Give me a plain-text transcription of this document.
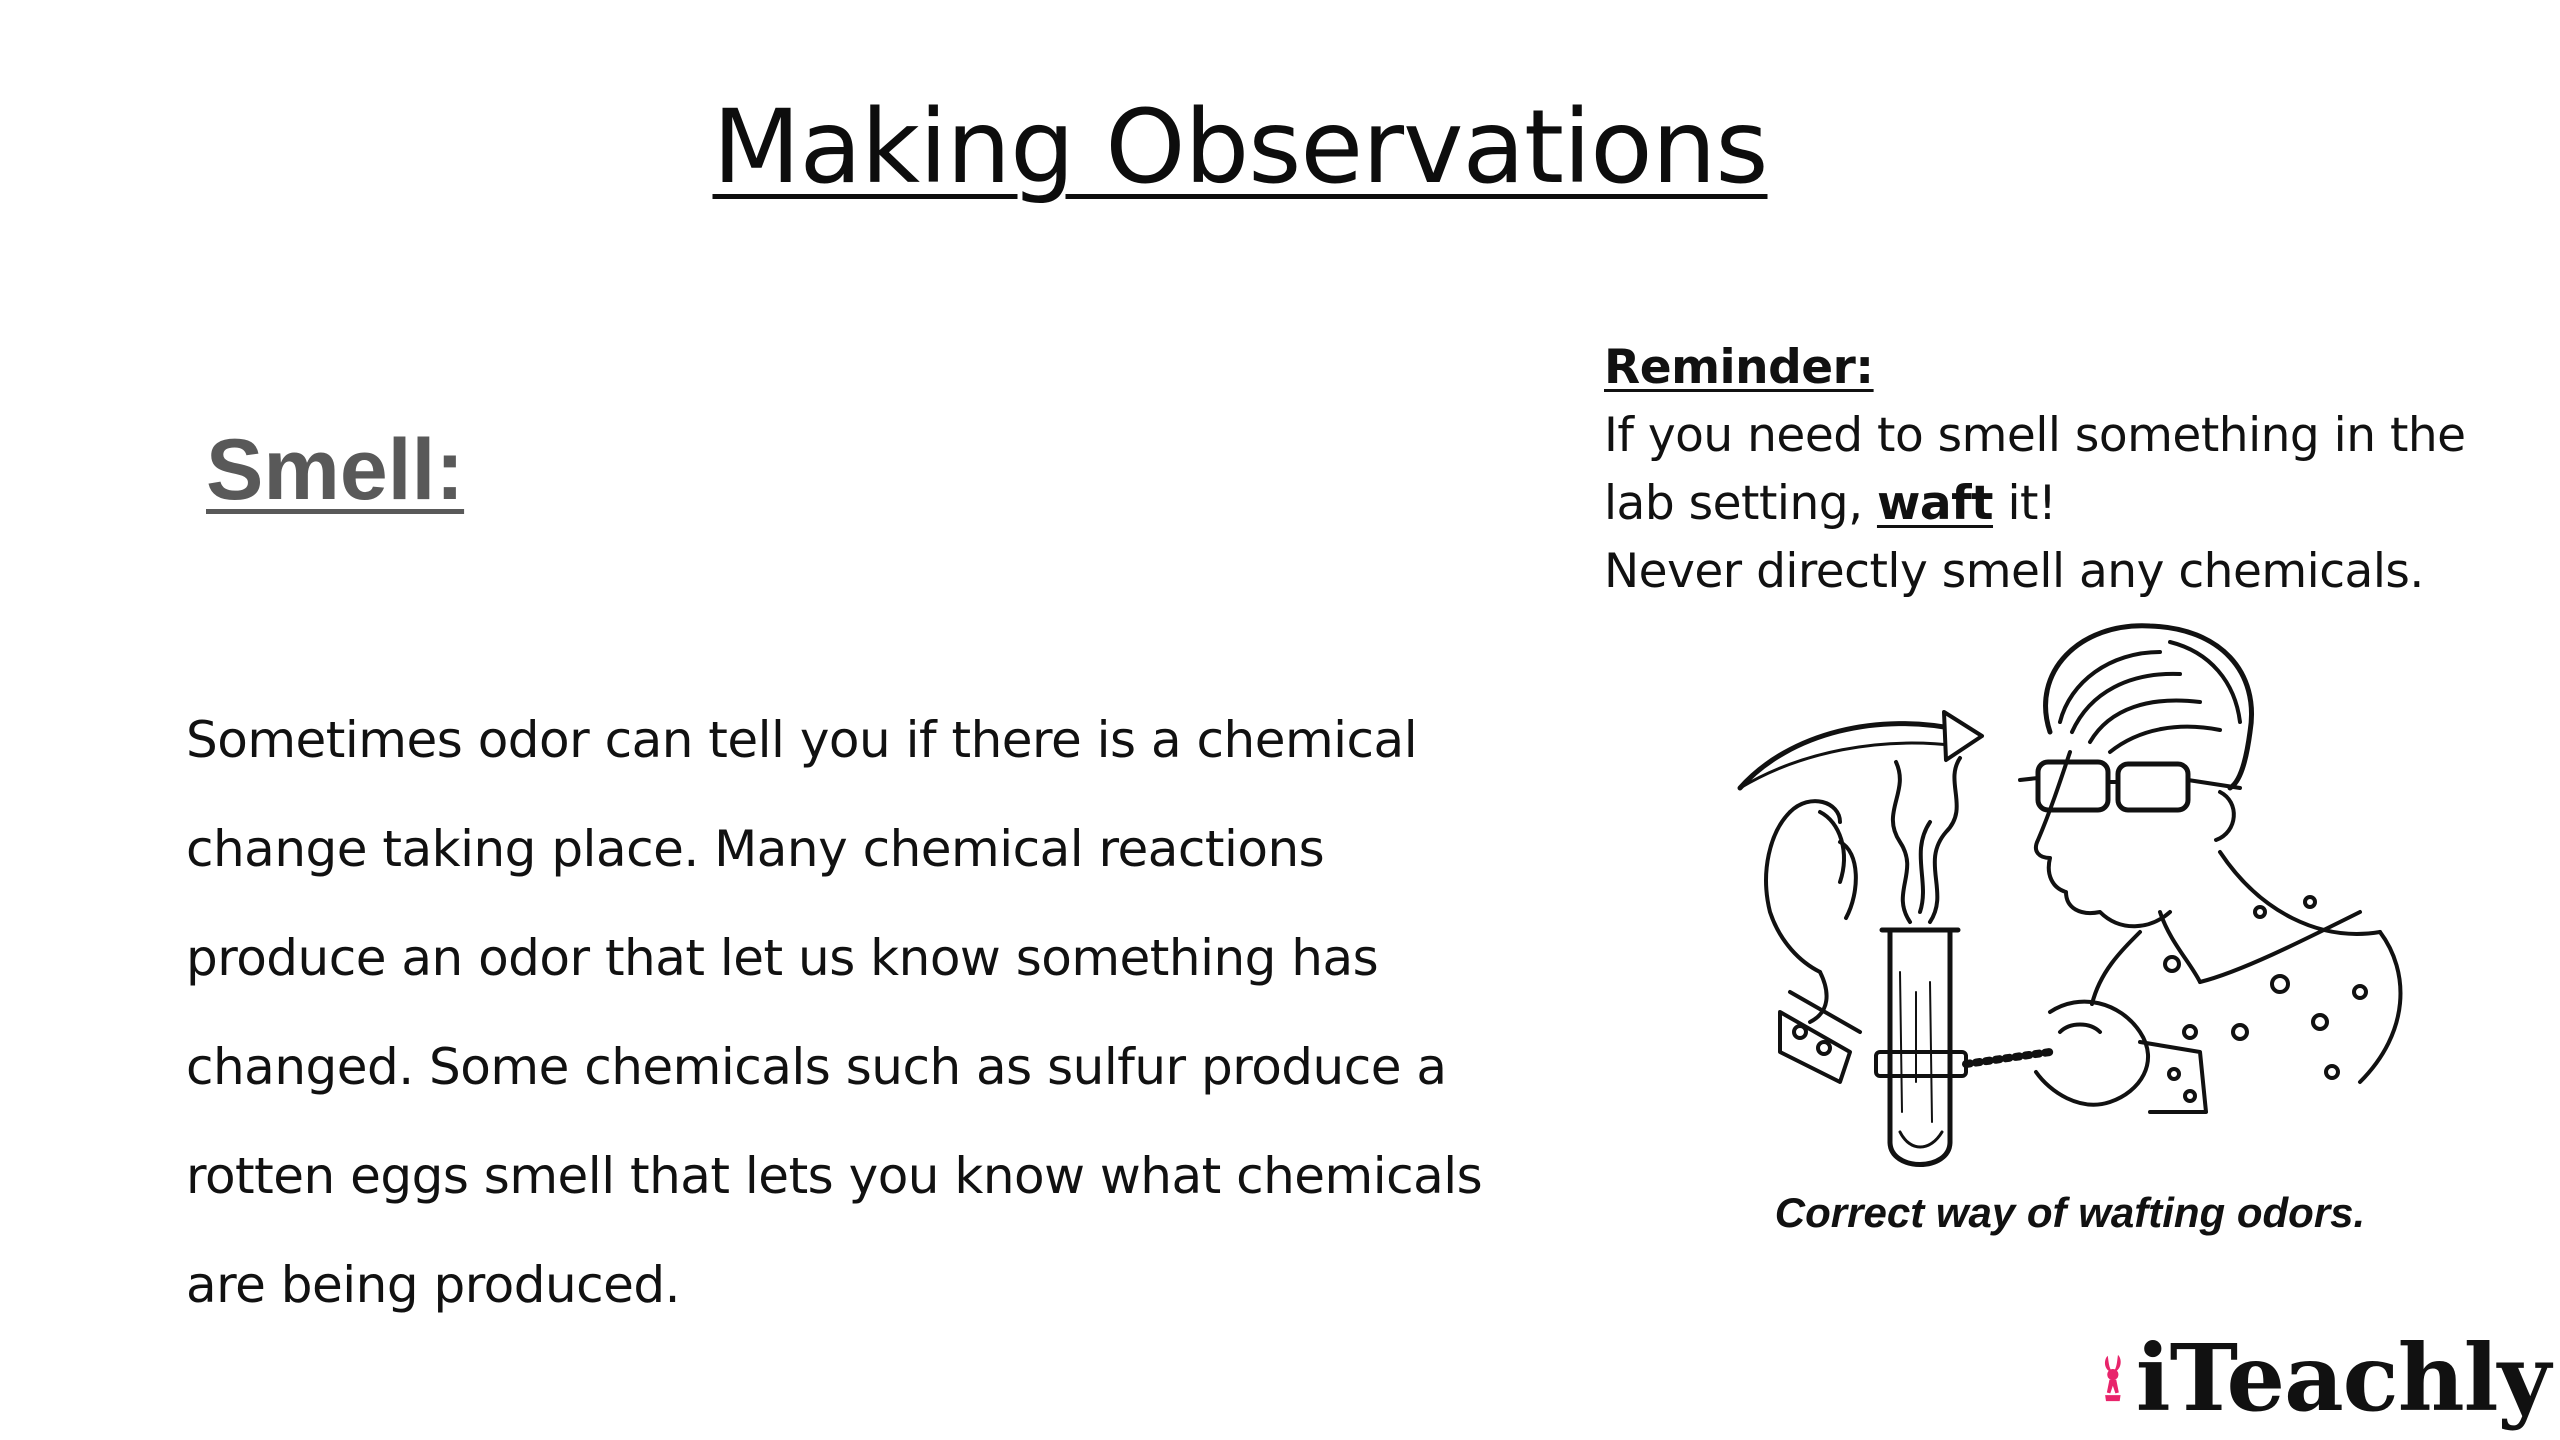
Making Observations
Smell:
Sometimes odor can tell you if there is a chemical
change taking place. Many chemical reactions
produce an odor that let us know something has
changed. Some chemicals such as sulfur produce a
rotten eggs smell that lets you know what chemicals
are being produced.
Reminder:
If you need to smell something in the
lab setting, waft it!
Never directly smell any chemicals.
Correct way of wafting odors.
iTeachly
